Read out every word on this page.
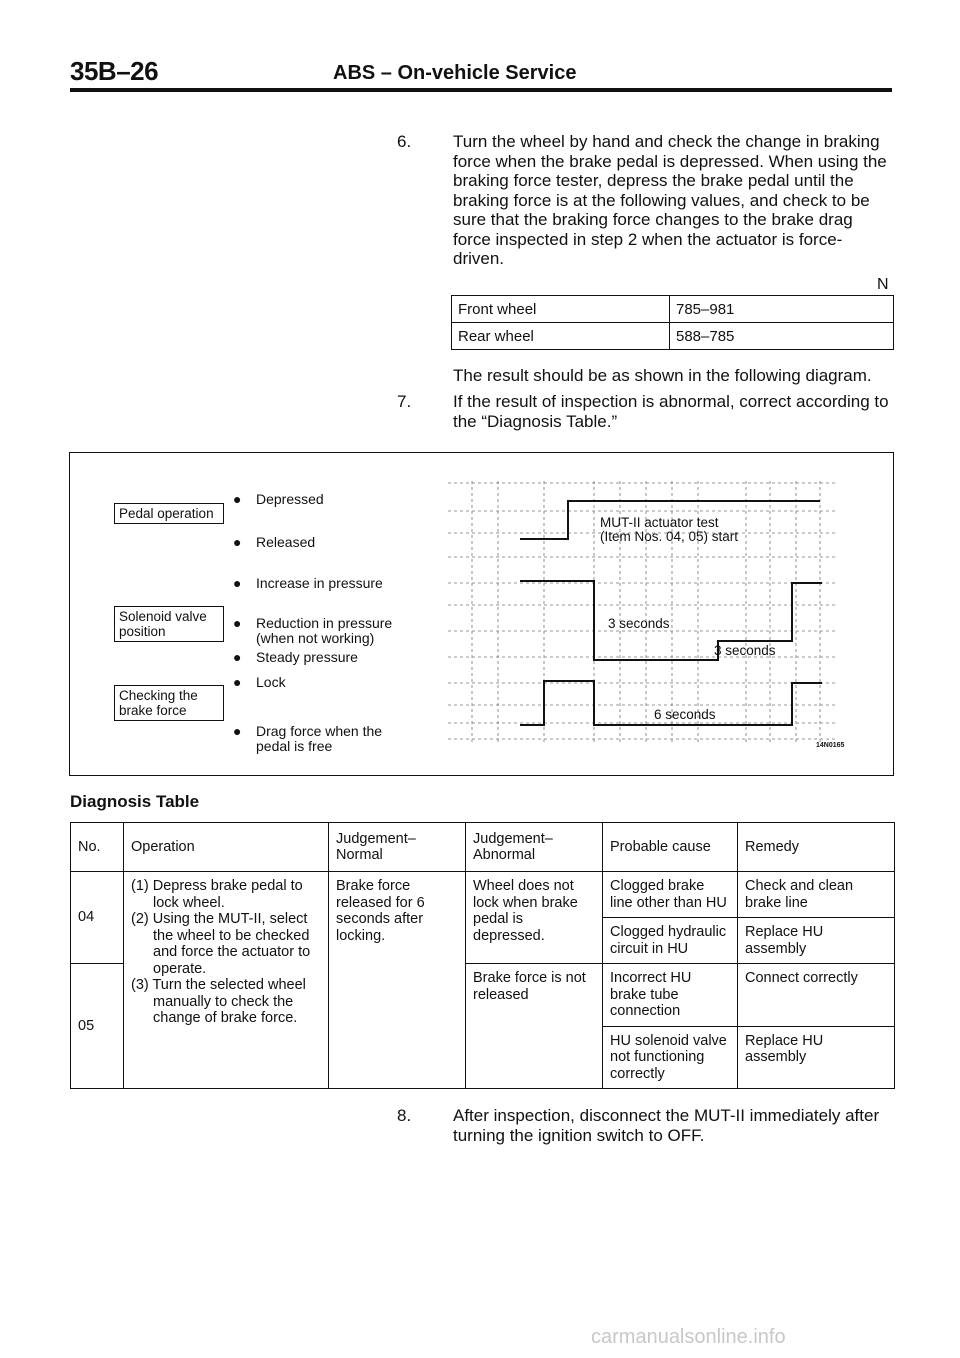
35B–26	ABS – On-vehicle Service
6. Turn the wheel by hand and check the change in braking force when the brake pedal is depressed. When using the braking force tester, depress the brake pedal until the braking force is at the following values, and check to be sure that the braking force changes to the brake drag force inspected in step 2 when the actuator is force-driven.
N
Front wheel	785–981
Rear wheel	588–785
The result should be as shown in the following diagram.
7. If the result of inspection is abnormal, correct according to the “Diagnosis Table.”
Pedal operation
Solenoid valve position
Checking the brake force
● Depressed
● Released
● Increase in pressure
● Reduction in pressure
(when not working)
● Steady pressure
● Lock
● Drag force when the
pedal is free
MUT-II actuator test
(Item Nos. 04, 05) start
3 seconds
3 seconds
6 seconds
14N0165
Diagnosis Table
No.	Operation	Judgement– Normal	Judgement– Abnormal	Probable cause	Remedy
04	(1) Depress brake pedal to lock wheel.
(2) Using the MUT-II, select the wheel to be checked and force the actuator to operate.
(3) Turn the selected wheel manually to check the change of brake force.	Brake force released for 6 seconds after locking.	Wheel does not lock when brake pedal is depressed.	Clogged brake line other than HU	Check and clean brake line
				Clogged hydraulic circuit in HU	Replace HU assembly
05			Brake force is not released	Incorrect HU brake tube connection	Connect correctly
				HU solenoid valve not functioning correctly	Replace HU assembly
8. After inspection, disconnect the MUT-II immediately after turning the ignition switch to OFF.
carmanualsonline.info
